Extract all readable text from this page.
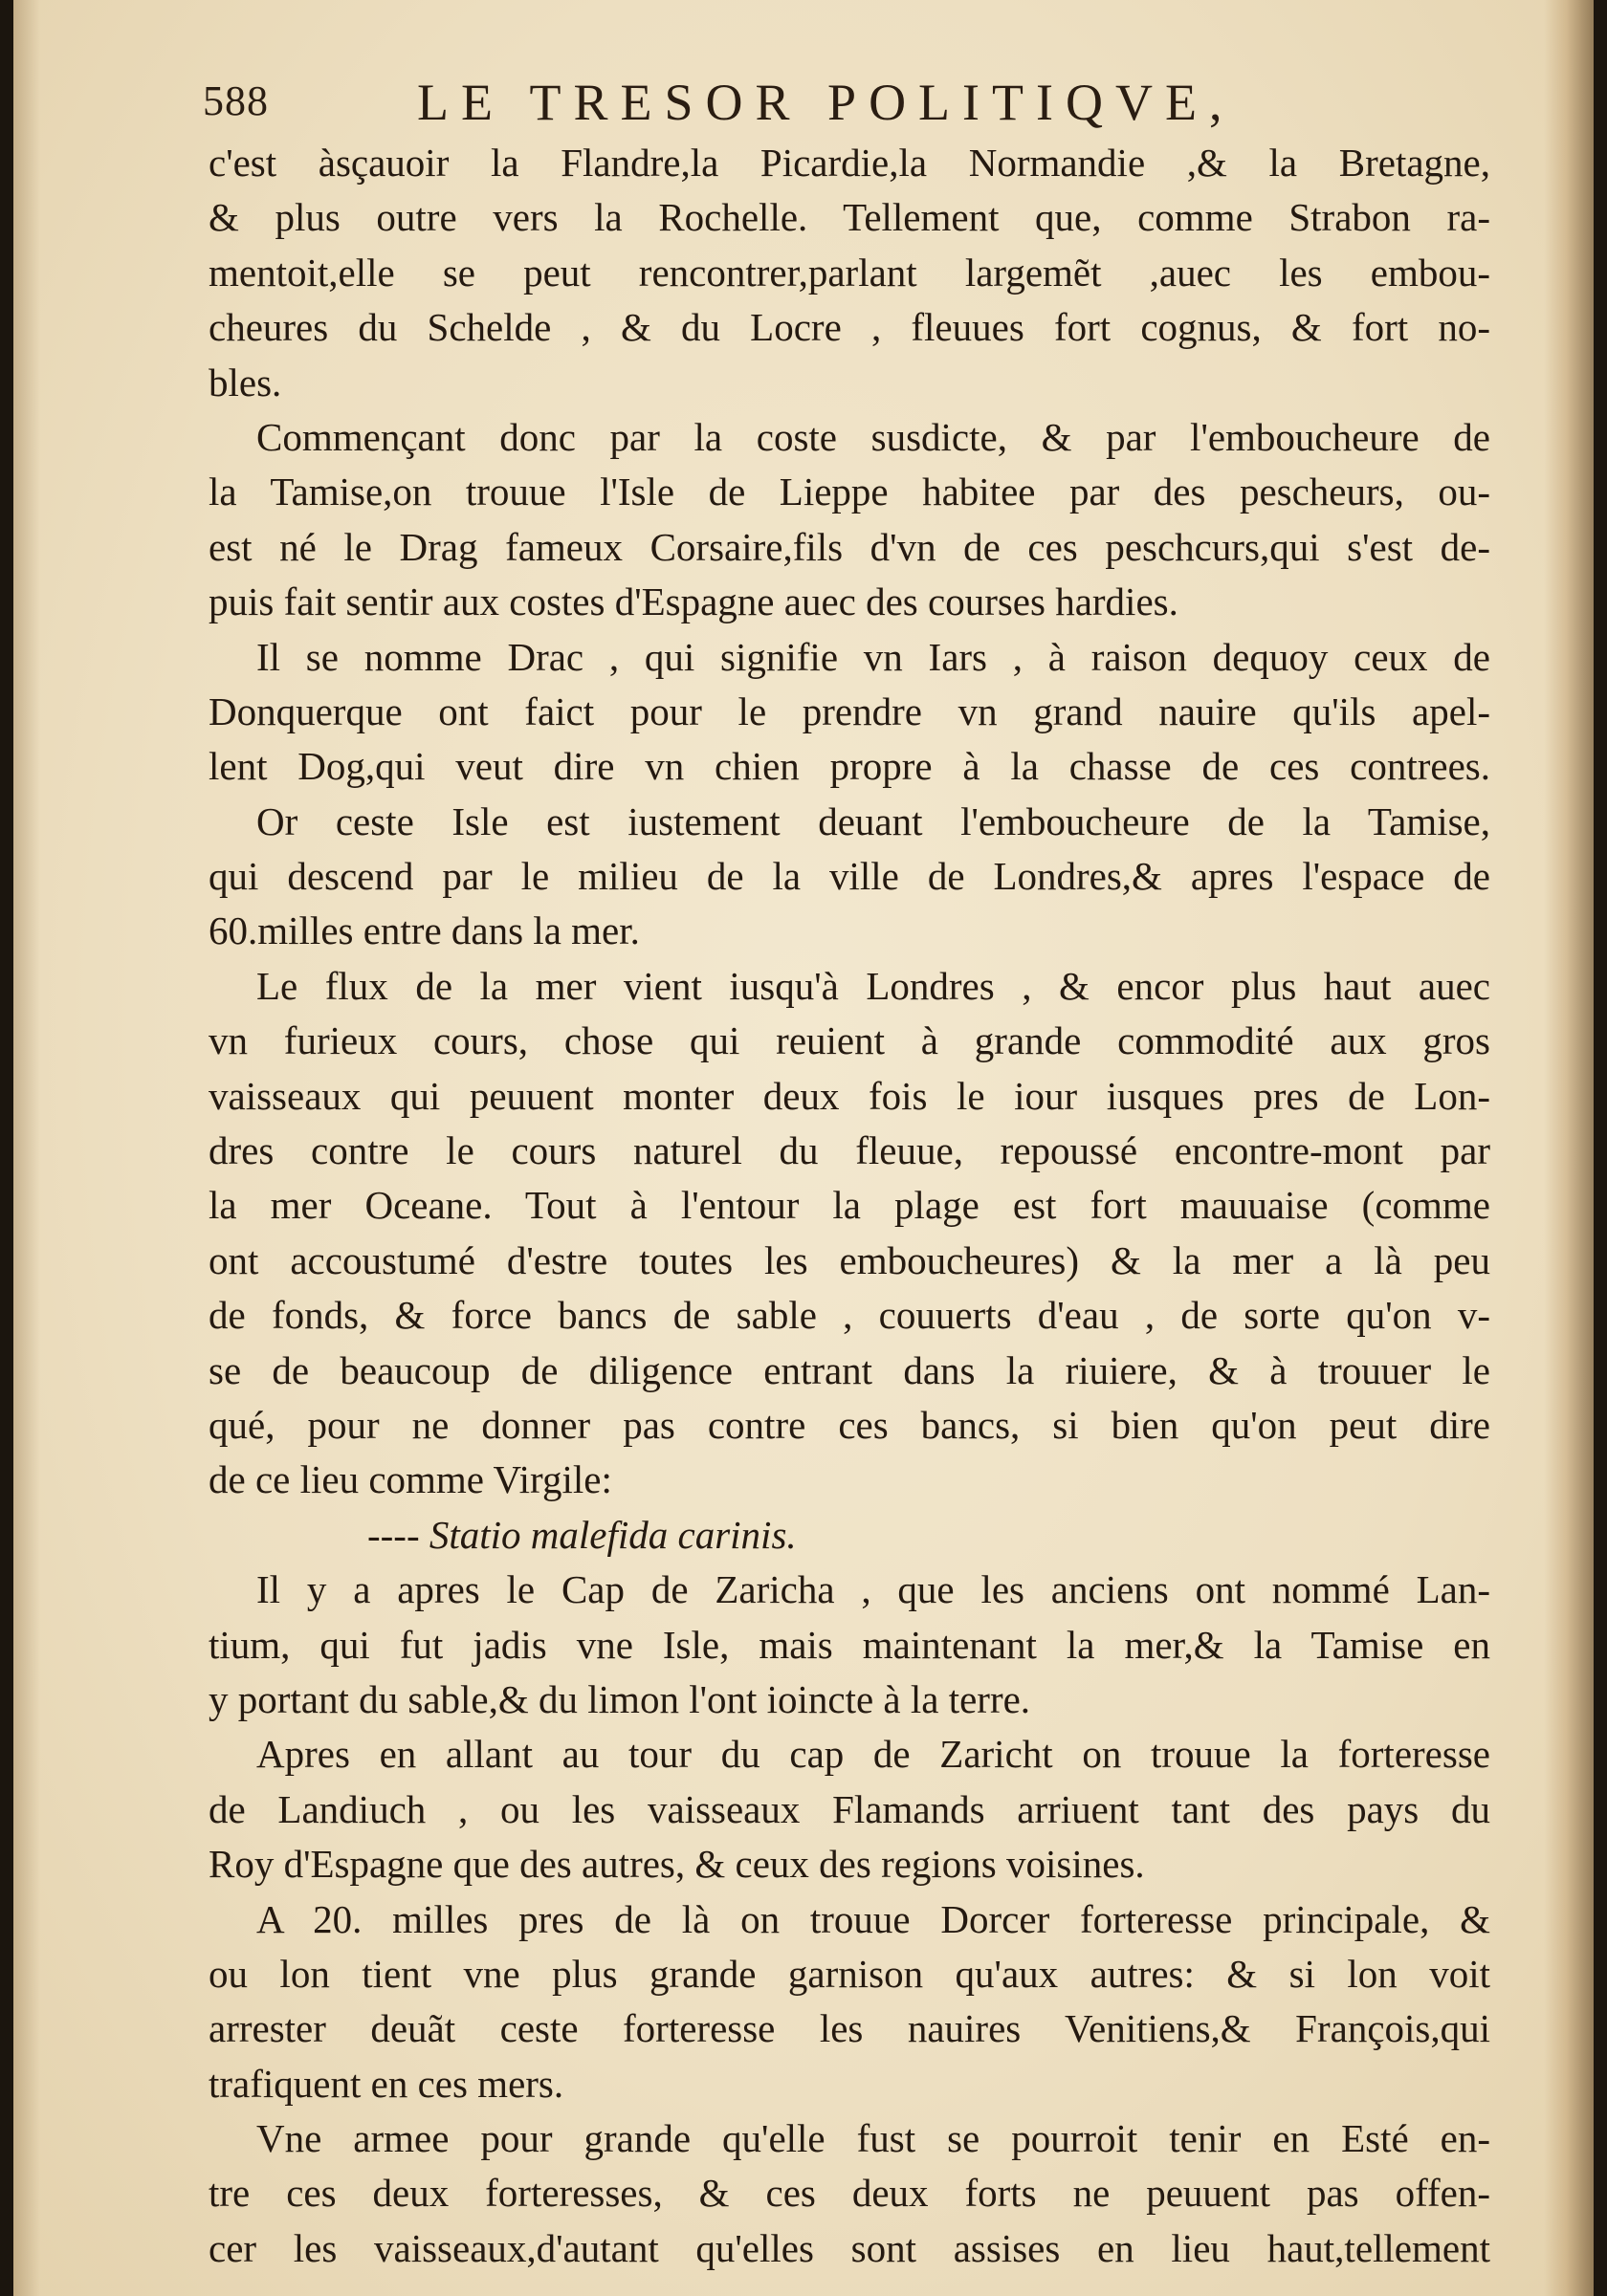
588	LE TRESOR POLITIQVE,
c'est àsçauoir la Flandre,la Picardie,la Normandie ,& la Bretagne,
& plus outre vers la Rochelle. Tellement que, comme Strabon ra-
mentoit,elle se peut rencontrer,parlant largemẽt ,auec les embou-
cheures du Schelde , & du Locre , fleuues fort cognus, & fort no-
bles.
Commençant donc par la coste susdicte, & par l'emboucheure de
la Tamise,on trouue l'Isle de Lieppe habitee par des pescheurs, ou-
est né le Drag fameux Corsaire,fils d'vn de ces peschcurs,qui s'est de-
puis fait sentir aux costes d'Espagne auec des courses hardies.
Il se nomme Drac , qui signifie vn Iars , à raison dequoy ceux de
Donquerque ont faict pour le prendre vn grand nauire qu'ils apel-
lent Dog,qui veut dire vn chien propre à la chasse de ces contrees.
Or ceste Isle est iustement deuant l'emboucheure de la Tamise,
qui descend par le milieu de la ville de Londres,& apres l'espace de
60.milles entre dans la mer.
Le flux de la mer vient iusqu'à Londres , & encor plus haut auec
vn furieux cours, chose qui reuient à grande commodité aux gros
vaisseaux qui peuuent monter deux fois le iour iusques pres de Lon-
dres contre le cours naturel du fleuue, repoussé encontre-mont par
la mer Oceane. Tout à l'entour la plage est fort mauuaise (comme
ont accoustumé d'estre toutes les emboucheures) & la mer a là peu
de fonds, & force bancs de sable , couuerts d'eau , de sorte qu'on v-
se de beaucoup de diligence entrant dans la riuiere, & à trouuer le
qué, pour ne donner pas contre ces bancs, si bien qu'on peut dire
de ce lieu comme Virgile:
---- Statio malefida carinis.
Il y a apres le Cap de Zaricha , que les anciens ont nommé Lan-
tium, qui fut jadis vne Isle, mais maintenant la mer,& la Tamise en
y portant du sable,& du limon l'ont ioincte à la terre.
Apres en allant au tour du cap de Zaricht on trouue la forteresse
de Landiuch , ou les vaisseaux Flamands arriuent tant des pays du
Roy d'Espagne que des autres, & ceux des regions voisines.
A 20. milles pres de là on trouue Dorcer forteresse principale, &
ou lon tient vne plus grande garnison qu'aux autres: & si lon voit
arrester deuãt ceste forteresse les nauires Venitiens,& François,qui
trafiquent en ces mers.
Vne armee pour grande qu'elle fust se pourroit tenir en Esté en-
tre ces deux forteresses, & ces deux forts ne peuuent pas offen-
cer les vaisseaux,d'autant qu'elles sont assises en lieu haut,tellement
